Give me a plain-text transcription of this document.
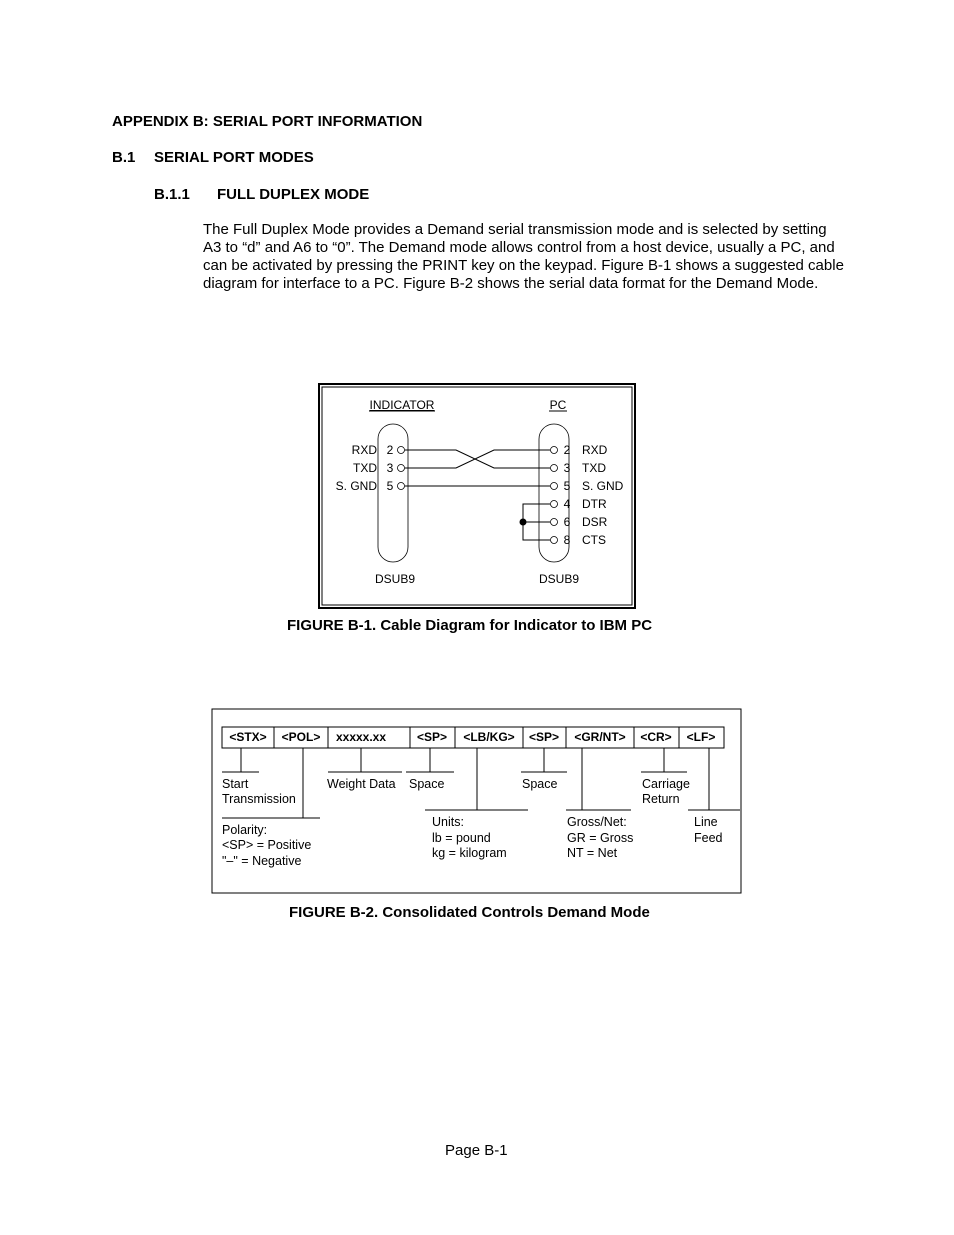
APPENDIX B: SERIAL PORT INFORMATION
B.1 SERIAL PORT MODES
B.1.1 FULL DUPLEX MODE
The Full Duplex Mode provides a Demand serial transmission mode and is selected by setting A3 to “d” and A6 to “0”. The Demand mode allows control from a host device, usually a PC, and can be activated by pressing the PRINT key on the keypad. Figure B-1 shows a suggested cable diagram for interface to a PC. Figure B-2 shows the serial data format for the Demand Mode.
INDICATOR	PC
RXD 2
TXD 3
S. GND 5
2 RXD
3 TXD
5 S. GND
4 DTR
6 DSR
8 CTS
DSUB9	DSUB9
FIGURE B-1. Cable Diagram for Indicator to IBM PC
<STX> <POL> xxxxx.xx	<SP> <LB/KG> <SP> <GR/NT> <CR> <LF>
Start
Transmission
Weight Data Space	Space	Carriage
Return
Polarity:
<SP> = Positive
"–" = Negative
Units:
lb = pound
kg = kilogram
Gross/Net:
GR = Gross
NT = Net
Line
Feed
FIGURE B-2. Consolidated Controls Demand Mode
Page B-1
